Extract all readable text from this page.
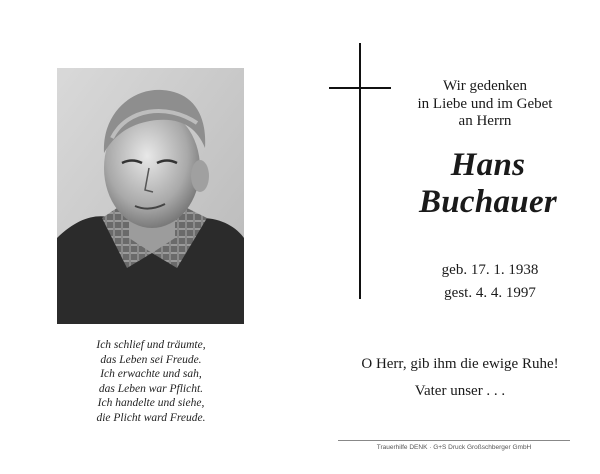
Ich schlief und träumte,
das Leben sei Freude.
Ich erwachte und sah,
das Leben war Pflicht.
Ich handelte und siehe,
die Plicht ward Freude.
Wir gedenken
in Liebe und im Gebet
an Herrn
Hans
Buchauer
geb. 17. 1. 1938
gest. 4. 4. 1997
O Herr, gib ihm die ewige Ruhe!
Vater unser . . .
Trauerhilfe DENK · G+S Druck Großschberger GmbH
